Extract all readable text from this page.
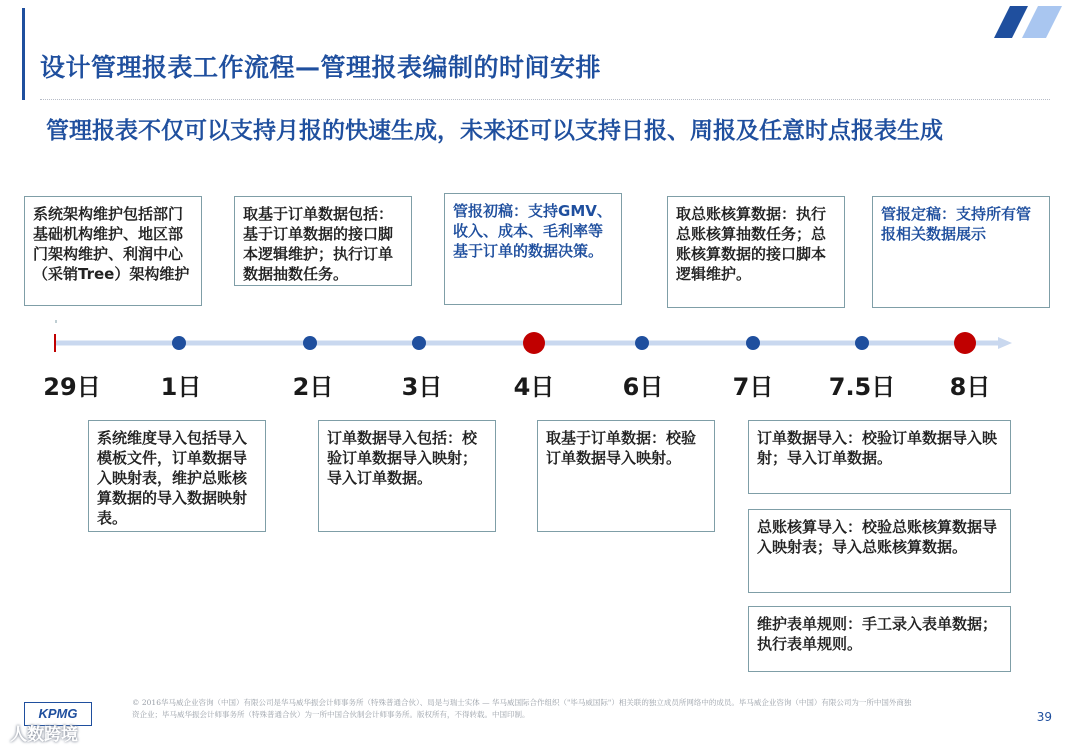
设计管理报表工作流程—管理报表编制的时间安排
管理报表不仅可以支持月报的快速生成，未来还可以支持日报、周报及任意时点报表生成
系统架构维护包括部门基础机构维护、地区部门架构维护、利润中心（采销Tree）架构维护
取基于订单数据包括：基于订单数据的接口脚本逻辑维护；执行订单数据抽数任务。
管报初稿：支持GMV、收入、成本、毛利率等基于订单的数据决策。
取总账核算数据：执行总账核算抽数任务；总账核算数据的接口脚本逻辑维护。
管报定稿：支持所有管报相关数据展示
29日 1日	2日	3日	4日	6日	7日 7.5日 8日
系统维度导入包括导入模板文件，订单数据导入映射表，维护总账核算数据的导入数据映射表。
订单数据导入包括：校验订单数据导入映射；导入订单数据。
取基于订单数据：校验订单数据导入映射。
订单数据导入：校验订单数据导入映射；导入订单数据。
总账核算导入：校验总账核算数据导入映射表；导入总账核算数据。
维护表单规则：手工录入表单数据；执行表单规则。
KPMG
© 2016华马威企业咨询（中国）有限公司是华马威华振会计师事务所（特殊普通合伙）、局是与瑞士实体 — 华马威国际合作组织（"毕马威国际"）相关联的独立成员所网络中的成员。毕马威企业咨询（中国）有限公司为一所中国外商独资企业；毕马威华振会计师事务所（特殊普通合伙）为一所中国合伙制会计师事务所。版权所有，不得转载。中国印制。	39
人数跨境
